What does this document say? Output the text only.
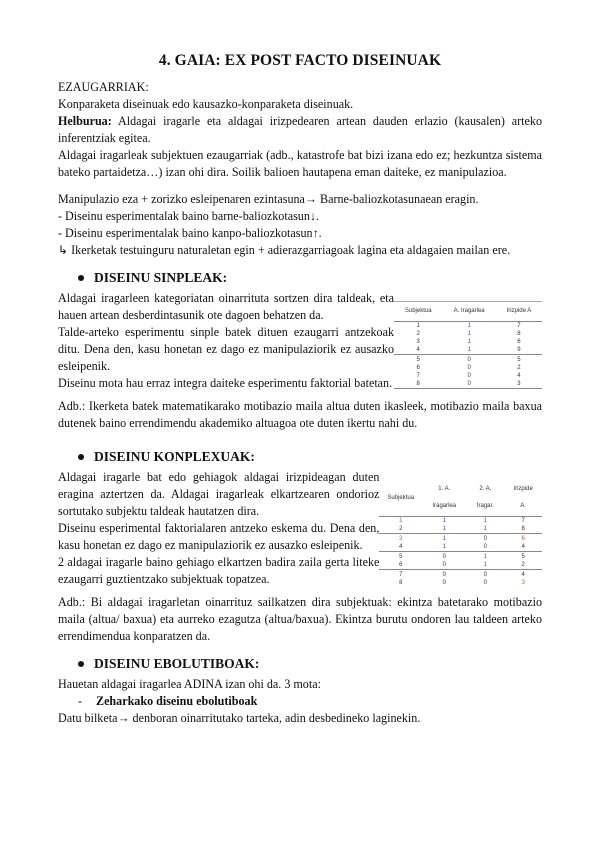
4. GAIA: EX POST FACTO DISEINUAK

EZAUGARRIAK:

Konparaketa diseinuak edo kausazko-konparaketa diseinuak.

Helburua: Aldagai iragarle eta aldagai irizpedearen artean dauden erlazio (kausalen) arteko inferentziak egitea.

Aldagai iragarleak subjektuen ezaugarriak (adb., katastrofe bat bizi izana edo ez; hezkuntza sistema bateko partaidetza…) izan ohi dira. Soilik balioen hautapena eman daiteke, ez manipulazioa.

Manipulazio eza + zorizko esleipenaren ezintasuna→ Barne-baliozkotasunaean eragin.

- Diseinu esperimentalak baino barne-baliozkotasun↓.

- Diseinu esperimentalak baino kanpo-baliozkotasun↑.

↳ Ikerketak testuinguru naturaletan egin + adierazgarriagoak lagina eta aldagaien mailan ere.

DISEINU SINPLEAK:

Aldagai iragarleen kategoriatan oinarrituta sortzen dira taldeak, eta hauen artean desberdintasunik ote dagoen behatzen da.

Talde-arteko esperimentu sinple batek dituen ezaugarri antzekoak ditu. Dena den, kasu honetan ez dago ez manipulaziorik ez ausazko esleipenik.

Diseinu mota hau erraz integra daiteke esperimentu faktorial batetan.

Subjektua	A. Iragarlea	Irizpide A
1	1	7
2	1	8
3	1	6
4	1	9
5	0	5
6	0	2
7	0	4
8	0	3

Adb.: Ikerketa batek matematikarako motibazio maila altua duten ikasleek, motibazio maila baxua dutenek baino errendimendu akademiko altuagoa ote duten ikertu nahi du.

DISEINU KONPLEXUAK:

Aldagai iragarle bat edo gehiagok aldagai irizpideagan duten eragina aztertzen da. Aldagai iragarleak elkartzearen ondorioz sortutako subjektu taldeak hautatzen dira.

Diseinu esperimental faktorialaren antzeko eskema du. Dena den, kasu honetan ez dago ez manipulaziorik ez ausazko esleipenik.

2 aldagai iragarle baino gehiago elkartzen badira zaila gerta liteke ezaugarri guztientzako subjektuak topatzea.

Subjektua	1. A. Iragarlea	2. A. Iragar.	Irizpide A.
1	1	1	7
2	1	1	8
3	1	0	6
4	1	0	4
5	0	1	5
6	0	1	2
7	0	0	4
8	0	0	3

Adb.: Bi aldagai iragarletan oinarrituz sailkatzen dira subjektuak: ekintza batetarako motibazio maila (altua/ baxua) eta aurreko ezagutza (altua/baxua). Ekintza burutu ondoren lau taldeen arteko errendimendua konparatzen da.

DISEINU EBOLUTIBOAK:

Hauetan aldagai iragarlea ADINA izan ohi da. 3 mota:

-	Zeharkako diseinu ebolutiboak

Datu bilketa→ denboran oinarritutako tarteka, adin desbedineko laginekin.
